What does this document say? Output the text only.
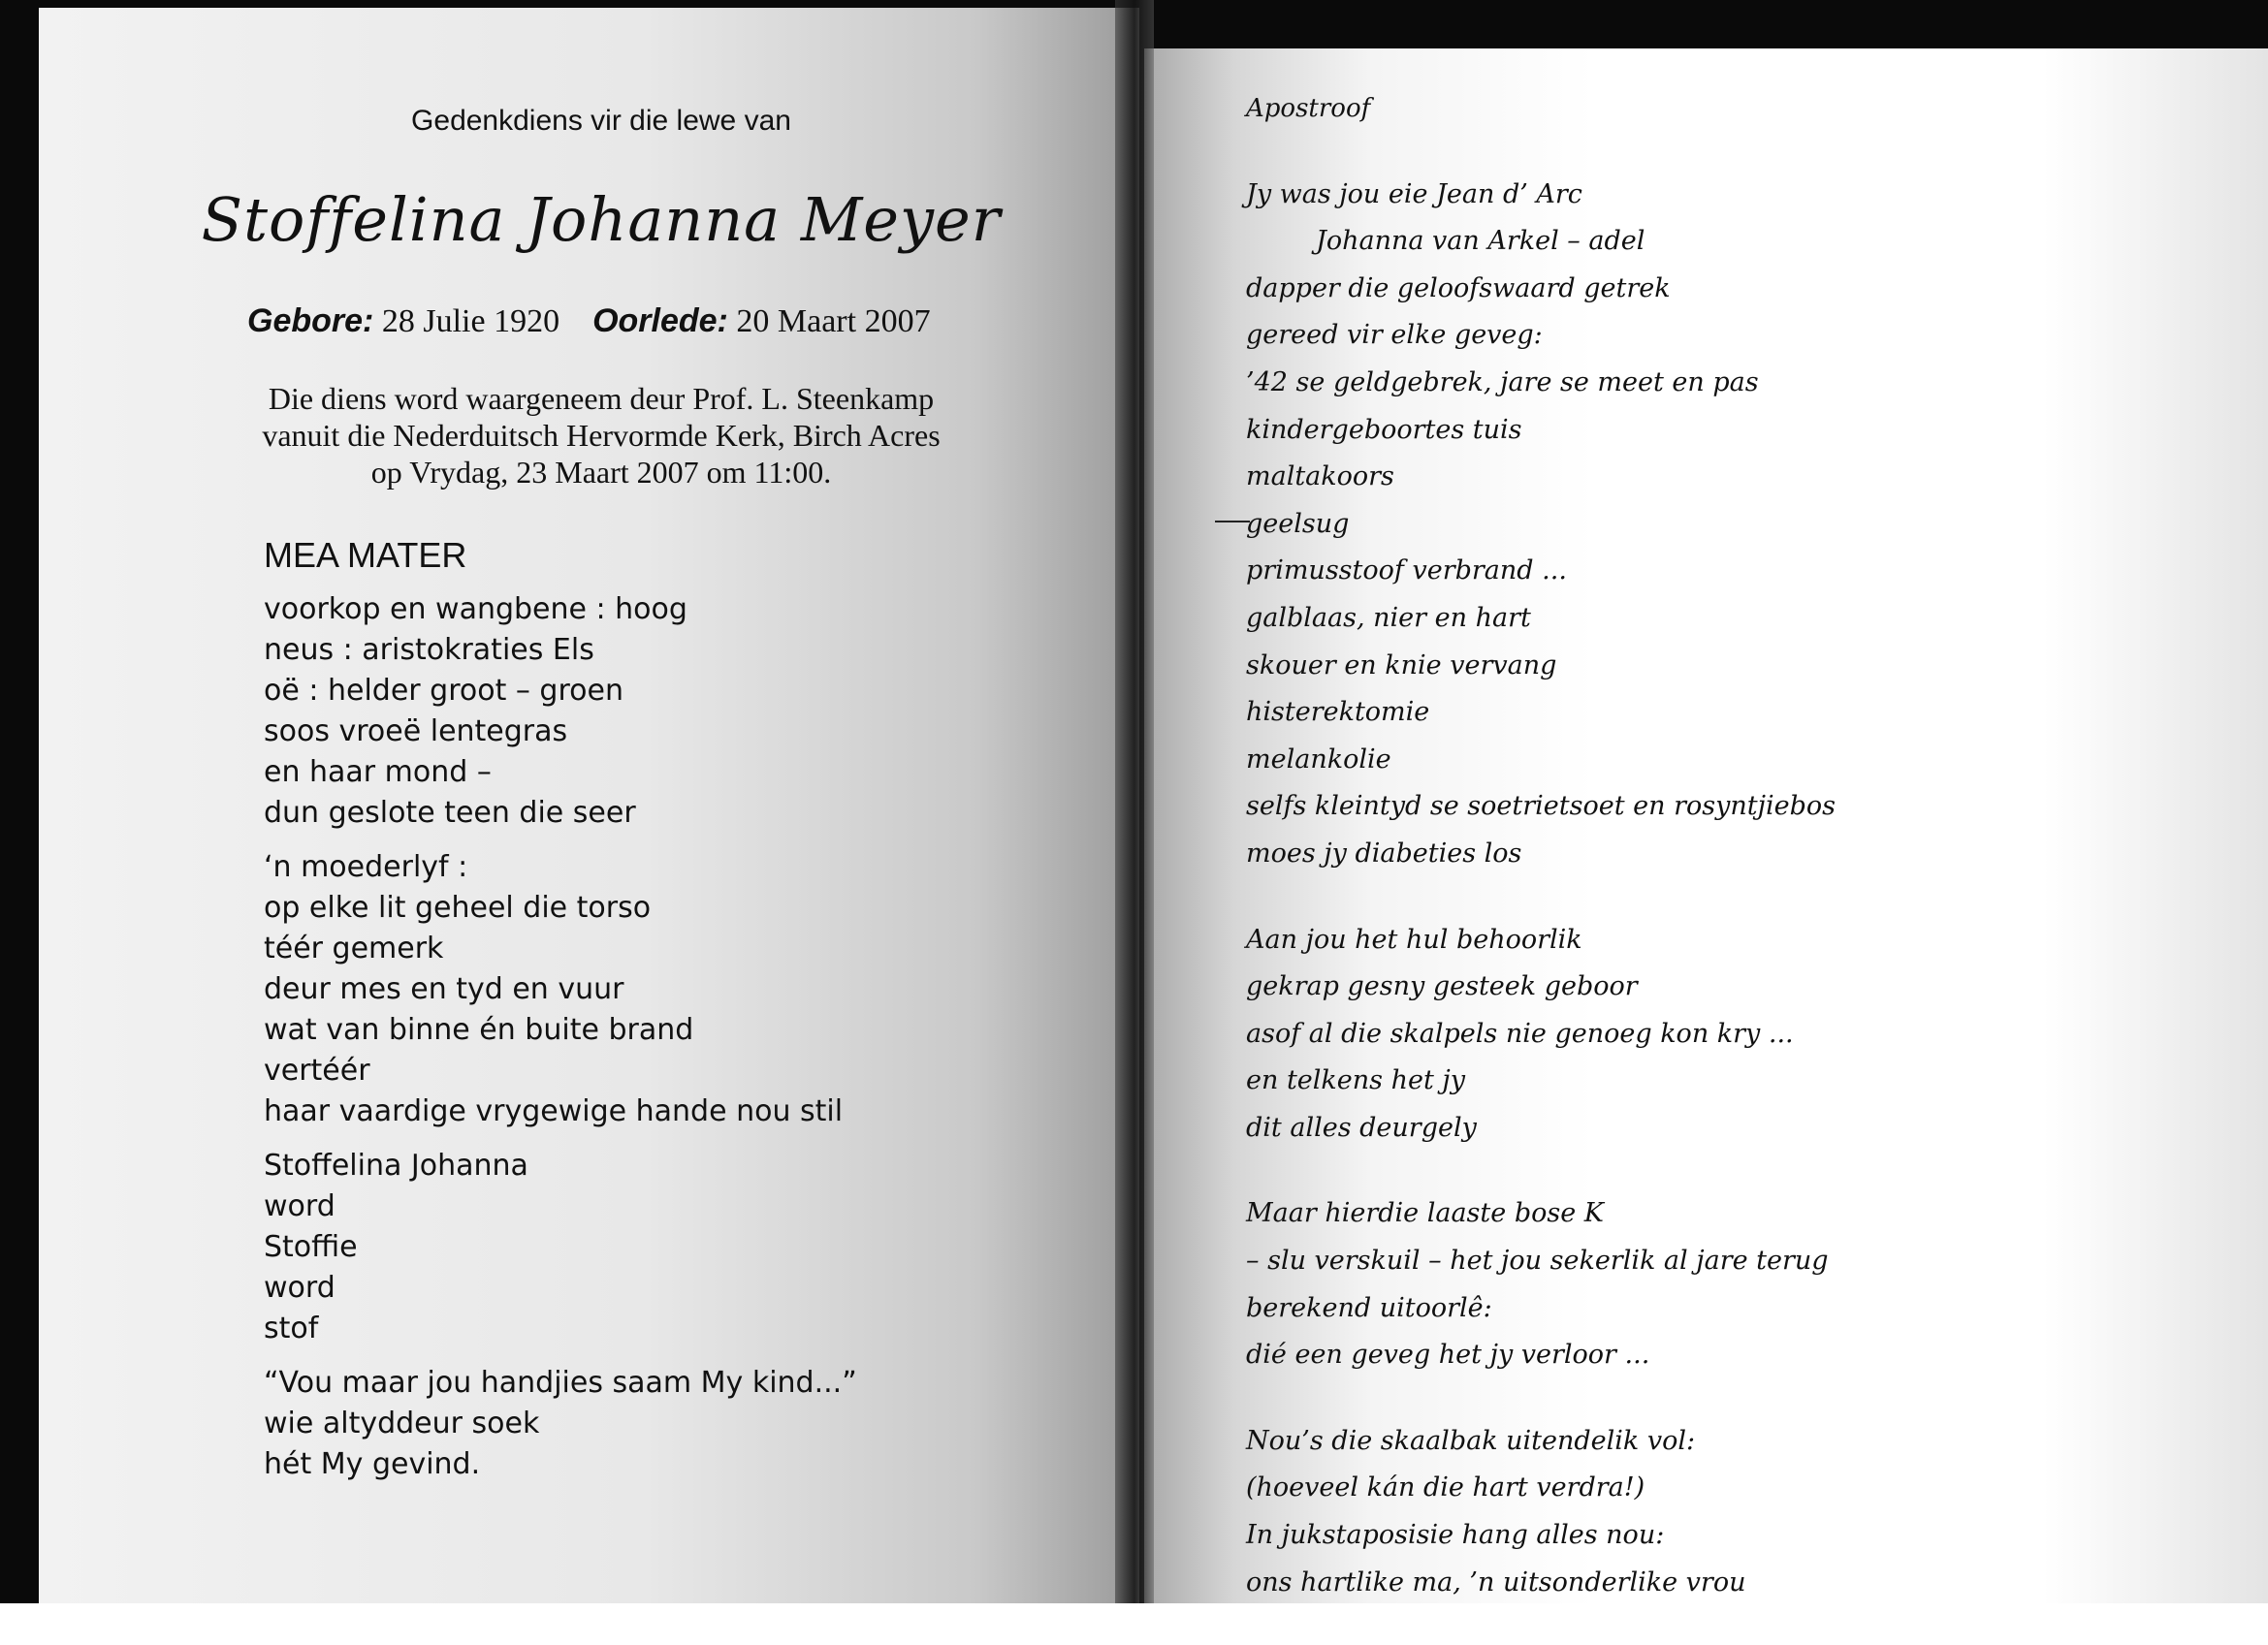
Gedenkdiens vir die lewe van
Stoffelina Johanna Meyer
Gebore: 28 Julie 1920 Oorlede: 20 Maart 2007
Die diens word waargeneem deur Prof. L. Steenkamp
vanuit die Nederduitsch Hervormde Kerk, Birch Acres
op Vrydag, 23 Maart 2007 om 11:00.
MEA MATER
voorkop en wangbene : hoog
neus : aristokraties Els
oë : helder groot – groen
soos vroeë lentegras
en haar mond –
dun geslote teen die seer
‘n moederlyf :
op elke lit geheel die torso
téér gemerk
deur mes en tyd en vuur
wat van binne én buite brand
vertéér
haar vaardige vrygewige hande nou stil
Stoffelina Johanna
word
Stoffie
word
stof
“Vou maar jou handjies saam My kind...”
wie altyddeur soek
hét My gevind.
Apostroof
Jy was jou eie Jean d’ Arc
Johanna van Arkel – adel
dapper die geloofswaard getrek
gereed vir elke geveg:
’42 se geldgebrek, jare se meet en pas
kindergeboortes tuis
maltakoors
geelsug
primusstoof verbrand ...
galblaas, nier en hart
skouer en knie vervang
histerektomie
melankolie
selfs kleintyd se soetrietsoet en rosyntjiebos
moes jy diabeties los
Aan jou het hul behoorlik
gekrap gesny gesteek geboor
asof al die skalpels nie genoeg kon kry ...
en telkens het jy
dit alles deurgely
Maar hierdie laaste bose K
– slu verskuil – het jou sekerlik al jare terug
berekend uitoorlê:
dié een geveg het jy verloor ...
Nou’s die skaalbak uitendelik vol:
(hoeveel kán die hart verdra!)
In jukstaposisie hang alles nou:
ons hartlike ma, ’n uitsonderlike vrou
